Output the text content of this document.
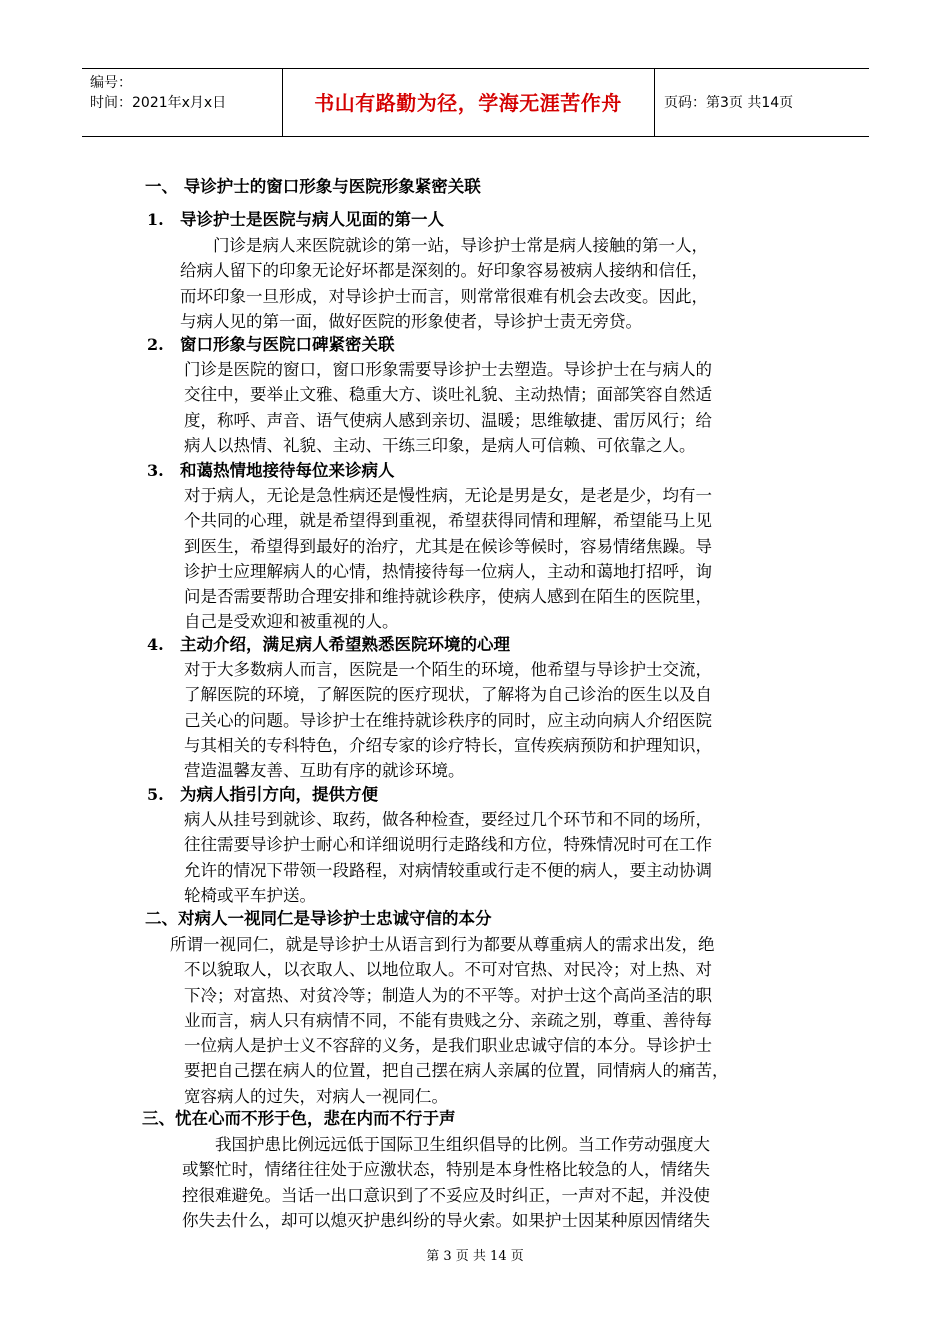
编号：
时间：2021年x月x日	书山有路勤为径，学海无涯苦作舟	页码：第3页 共14页
一、 导诊护士的窗口形象与医院形象紧密关联
1. 导诊护士是医院与病人见面的第一人
门诊是病人来医院就诊的第一站，导诊护士常是病人接触的第一人，
给病人留下的印象无论好坏都是深刻的。好印象容易被病人接纳和信任，
而坏印象一旦形成，对导诊护士而言，则常常很难有机会去改变。因此，
与病人见的第一面，做好医院的形象使者，导诊护士责无旁贷。
2. 窗口形象与医院口碑紧密关联
门诊是医院的窗口，窗口形象需要导诊护士去塑造。导诊护士在与病人的
交往中，要举止文雅、稳重大方、谈吐礼貌、主动热情；面部笑容自然适
度，称呼、声音、语气使病人感到亲切、温暖；思维敏捷、雷厉风行；给
病人以热情、礼貌、主动、干练三印象，是病人可信赖、可依靠之人。
3. 和蔼热情地接待每位来诊病人
对于病人，无论是急性病还是慢性病，无论是男是女，是老是少，均有一
个共同的心理，就是希望得到重视，希望获得同情和理解，希望能马上见
到医生，希望得到最好的治疗，尤其是在候诊等候时，容易情绪焦躁。导
诊护士应理解病人的心情，热情接待每一位病人，主动和蔼地打招呼，询
问是否需要帮助合理安排和维持就诊秩序，使病人感到在陌生的医院里，
自己是受欢迎和被重视的人。
4. 主动介绍，满足病人希望熟悉医院环境的心理
对于大多数病人而言，医院是一个陌生的环境，他希望与导诊护士交流，
了解医院的环境，了解医院的医疗现状，了解将为自己诊治的医生以及自
己关心的问题。导诊护士在维持就诊秩序的同时，应主动向病人介绍医院
与其相关的专科特色，介绍专家的诊疗特长，宣传疾病预防和护理知识，
营造温馨友善、互助有序的就诊环境。
5. 为病人指引方向，提供方便
病人从挂号到就诊、取药，做各种检查，要经过几个环节和不同的场所，
往往需要导诊护士耐心和详细说明行走路线和方位，特殊情况时可在工作
允许的情况下带领一段路程，对病情较重或行走不便的病人，要主动协调
轮椅或平车护送。
二、对病人一视同仁是导诊护士忠诚守信的本分
所谓一视同仁，就是导诊护士从语言到行为都要从尊重病人的需求出发，绝
不以貌取人，以衣取人、以地位取人。不可对官热、对民冷；对上热、对
下冷；对富热、对贫冷等；制造人为的不平等。对护士这个高尚圣洁的职
业而言，病人只有病情不同，不能有贵贱之分、亲疏之别，尊重、善待每
一位病人是护士义不容辞的义务，是我们职业忠诚守信的本分。导诊护士
要把自己摆在病人的位置，把自己摆在病人亲属的位置，同情病人的痛苦，
宽容病人的过失，对病人一视同仁。
三、忧在心而不形于色，悲在内而不行于声
我国护患比例远远低于国际卫生组织倡导的比例。当工作劳动强度大
或繁忙时，情绪往往处于应激状态，特别是本身性格比较急的人，情绪失
控很难避免。当话一出口意识到了不妥应及时纠正，一声对不起，并没使
你失去什么，却可以熄灭护患纠纷的导火索。如果护士因某种原因情绪失
第 3 页 共 14 页
